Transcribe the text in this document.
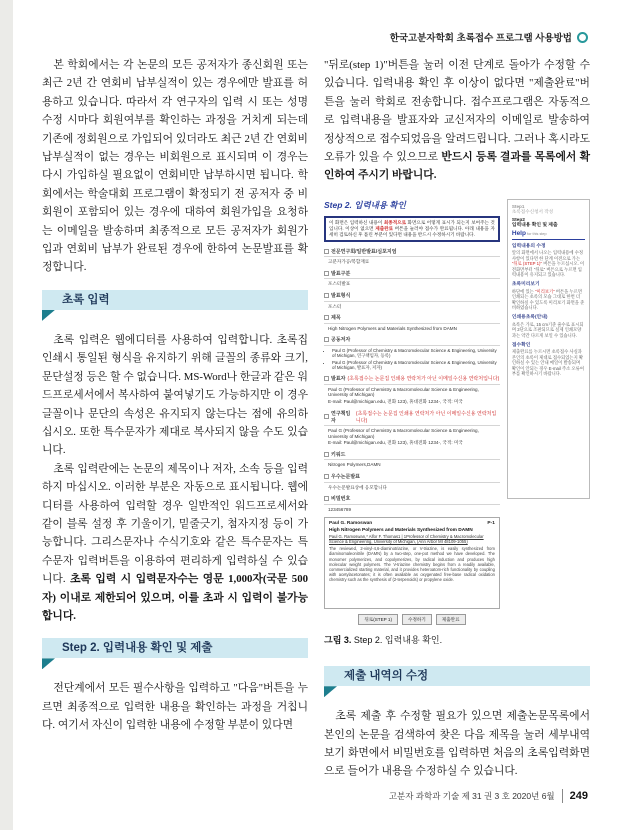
한국고분자학회 초록접수 프로그램 사용방법

본 학회에서는 각 논문의 모든 공저자가 종신회원 또는 최근 2년 간 연회비 납부실적이 있는 경우에만 발표를 허용하고 있습니다. 따라서 각 연구자의 입력 시 또는 성명 수정 시마다 회원여부를 확인하는 과정을 거치게 되는데 기존에 정회원으로 가입되어 있더라도 최근 2년 간 연회비 납부실적이 없는 경우는 비회원으로 표시되며 이 경우는 다시 가입하실 필요없이 연회비만 납부하시면 됩니다. 학회에서는 학술대회 프로그램이 확정되기 전 공저자 중 비회원이 포함되어 있는 경우에 대하여 회원가입을 요청하는 이메일을 발송하며 최종적으로 모든 공저자가 회원가입과 연회비 납부가 완료된 경우에 한하여 논문발표를 확정합니다.

초록 입력

초록 입력은 웹에디터를 사용하여 입력합니다. 초록집 인쇄시 통일된 형식을 유지하기 위해 글꼴의 종류와 크기, 문단설정 등은 할 수 없습니다. MS-Word나 한글과 같은 워드프로세서에서 복사하여 붙여넣기도 가능하지만 이 경우 글꼴이나 문단의 속성은 유지되지 않는다는 점에 유의하십시오. 또한 특수문자가 제대로 복사되지 않을 수도 있습니다.

초록 입력란에는 논문의 제목이나 저자, 소속 등을 입력하지 마십시오. 이러한 부분은 자동으로 표시됩니다. 웹에디터를 사용하여 입력할 경우 일반적인 워드프로세서와 같이 블록 설정 후 기울이기, 밑줄긋기, 첨자지정 등이 가능합니다. 그리스문자나 수식기호와 같은 특수문자는 특수문자 입력버튼을 이용하여 편리하게 입력하실 수 있습니다. 초록 입력 시 입력문자수는 영문 1,000자(국문 500자) 이내로 제한되어 있으며, 이를 초과 시 입력이 불가능합니다.

Step 2. 입력내용 확인 및 제출

전단계에서 모든 필수사항을 입력하고 "다음"버튼을 누르면 최종적으로 입력한 내용을 확인하는 과정을 거칩니다. 여기서 자신이 입력한 내용에 수정할 부분이 있다면

"뒤로(step 1)"버튼을 눌러 이전 단계로 돌아가 수정할 수 있습니다. 입력내용 확인 후 이상이 없다면 "제출완료"버튼을 눌러 학회로 전송합니다. 접수프로그램은 자동적으로 입력내용을 발표자와 교신저자의 이메일로 발송하여 정상적으로 접수되었음을 알려드립니다. 그러나 혹시라도 오류가 있을 수 있으므로 반드시 등록 결과를 목록에서 확인하여 주시기 바랍니다.

Step 2. 입력내용 확인
이 화면은 입력하신 내용이 최종적으로 화면으로 어떻게 표시가 되는지 보여주는 것입니다. 이상이 없으면 제출완료 버튼을 눌러야 접수가 완료됩니다. 아래 내용을 자세히 검토하신 후 틀린 부분이 있다면 내용을 반드시 수정하시기 바랍니다.
전문연구회/일반발표/심포지엄
고분자가공/복합재료
발표구분
포스터발표
발표형식
포스터
제목
High Nitrogen Polymers and Materials Synthesized from DAMN
공동저자
• Paul G (Professor of Chemistry & Macromolecular Science & Engineering, University of Michigan, 연구책임자, 등록)
• Paul G (Professor of Chemistry & Macromolecular Science & Engineering, University of Michigan, 발표자, 저자)
발표자 (초록접수는 논문집 인쇄용 연락처가 아닌 이메일수신용 연락처입니다)

Paul G (Professor of Chemistry & Macromolecular Science & Engineering, University of Michigan)

E-mail: Paul@michigan.edu, 전화 123), 휴대전화 1234-, 국적: 미국

연구책임자
(초록접수는 논문집 인쇄용 연락처가 아닌 이메일수신용 연락처입니다)

Paul G (Professor of Chemistry & Macromolecular Science & Engineering, University of Michigan)

E-mail: Paul@michigan.edu, 전화 123), 휴대전화 1234-, 국적: 미국

키워드
Nitrogen Polymers,DAMN
우수논문발표
우수논문발표상에 응모합니다
비밀번호
123456789
Paul G. Ramoswan	P-1
High Nitrogen Polymers and Materials Synthesized from DAMN
Paul G. Ramoswan,* Alfor F. Thomas1 | 1Professor of Chemistry & Macromolecular Science & Engineering, University of Michigan, (Ann Arbor MI 48109-1055)
The reviewed, 2-vinyl-4,6-diaminotriazine, or V-triazine, is easily synthesized from diaminomaleonitrile (DAMN) by a two-step, one-pot method we have developed. The monomer polymerizes, and copolymerizes, by radical induction and produces high molecular weight polymers. The V-triazine chemistry begins from a readily available, commercialized starting material, and it provides heteroatom-rich functionality by coupling with acetylacetonates; it is often available as oxygenated free-base radical oxidation chemistry such as the synthesis of (2-terpenoids) or propylene oxide.
뒤로(STEP 1)	수정하기	제출완료
Step1
초록접수신청서 작성
Step2
입력내용 확인 및 제출
Help for this step
입력내용의 수정
앞의 화면에서 나오는 입력내용에 수정 사항이 있다면 한 단계 이전으로 가는 "뒤로 (STEP 1)" 버튼을 누르십시오. 이전화면부터 "뒤로" 버튼으로 누르면 입력내용이 유지되고 있습니다.
초록미리보기
하단에 있는 "미리보기" 버튼을 누르면 인쇄되는 초록의 모습 그대로 한번 더 확인하실 수 있도록 미리보기 화면을 준비하였습니다.
인쇄용초록(안내)
초록은 가로, 15 cm기준 줄수로 표시되며 2단으로 조판되므로 실제 인쇄모양과는 약간 다르게 보일 수 있습니다.
접수확인
제출완료를 누르시면 초록접수 사실과 본인의 초록이 제대로 접수되었는지 확인하실 수 있는 안내 메일이 발송되며 확인이 안되는 경우 E-mail 주소 오류여부를 확인하시기 바랍니다.

그림 3. Step 2. 입력내용 확인.

제출 내역의 수정

초록 제출 후 수정할 필요가 있으면 제출논문목록에서 본인의 논문을 검색하여 찾은 다음 제목을 눌러 세부내역보기 화면에서 비밀번호를 입력하면 처음의 초록입력화면으로 들어가 내용을 수정하실 수 있습니다.

고분자 과학과 기술 제 31 권 3 호 2020년 6월 249
